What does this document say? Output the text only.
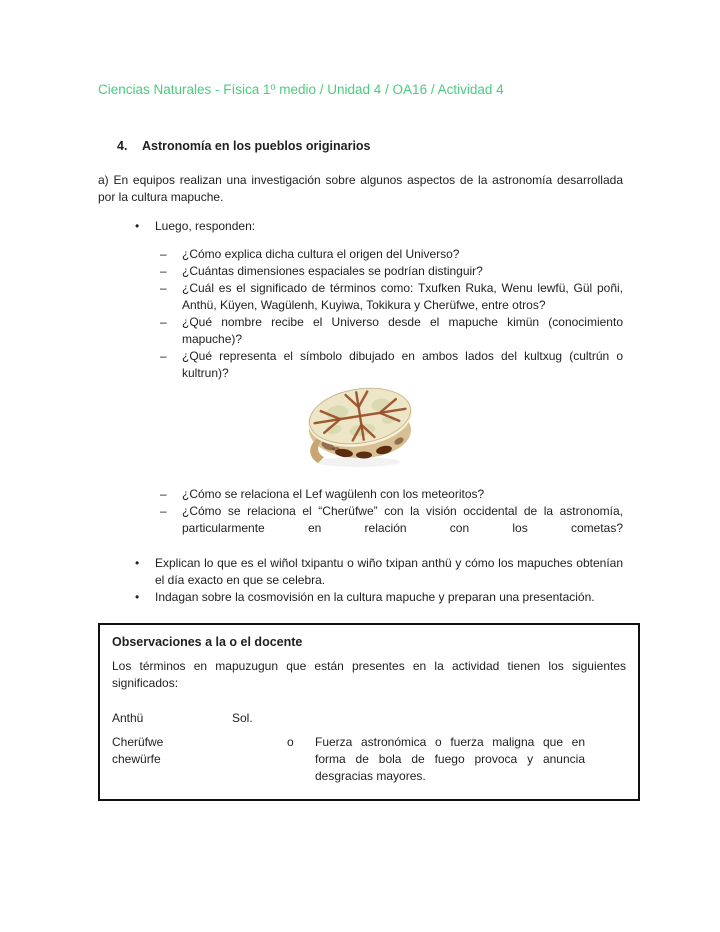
Ciencias Naturales - Física 1º medio / Unidad 4 / OA16 / Actividad 4
4.	Astronomía en los pueblos originarios

a) En equipos realizan una investigación sobre algunos aspectos de la astronomía desarrollada por la cultura mapuche.

•
Luego, responden:
–
¿Cómo explica dicha cultura el origen del Universo?
–
¿Cuántas dimensiones espaciales se podrían distinguir?
–
¿Cuál es el significado de términos como: Txufken Ruka, Wenu lewfü, Gül poñi, Anthü, Küyen, Wagülenh, Kuyiwa, Tokikura y Cherüfwe, entre otros?
–
¿Qué nombre recibe el Universo desde el mapuche kimün (conocimiento mapuche)?
–
¿Qué representa el símbolo dibujado en ambos lados del kultxug (cultrún o kultrun)?
–
¿Cómo se relaciona el Lef wagülenh con los meteoritos?
–
¿Cómo se relaciona el “Cherüfwe” con la visión occidental de la astronomía, particularmente en relación con los cometas?
•
Explican lo que es el wiñol txipantu o wiño txipan anthü y cómo los mapuches obtenían el día exacto en que se celebra.
•
Indagan sobre la cosmovisión en la cultura mapuche y preparan una presentación.
Observaciones a la o el docente

Los términos en mapuzugun que están presentes en la actividad tienen los siguientes significados:

Anthü	Sol.
Cherüfwe
chewürfe
o	Fuerza astronómica o fuerza maligna que en forma de bola de fuego provoca y anuncia desgracias mayores.
